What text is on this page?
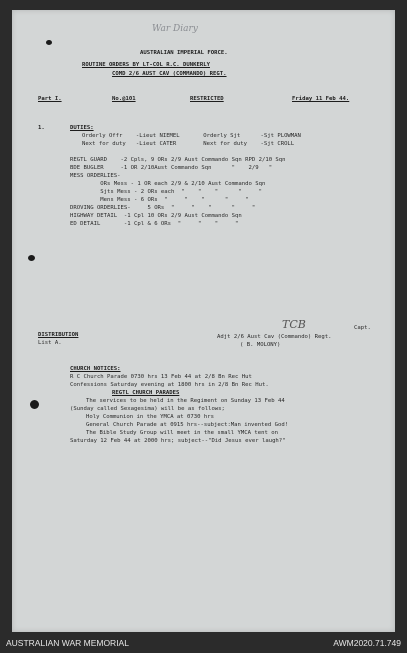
War Diary
AUSTRALIAN IMPERIAL FORCE.
ROUTINE ORDERS BY LT-COL R.C. DUNKERLY
COMD 2/6 AUST CAV (COMMANDO) REGT.
Part I.	No.@101	RESTRICTED	Friday 11 Feb 44.
1.	DUTIES:
Orderly Offr    -Lieut NIEMEL       Orderly Sjt      -Sjt PLOWMAN
Next for duty   -Lieut CATER        Next for duty    -Sjt CROLL
REGTL GUARD    -2 Cpls, 9 ORs 2/9 Aust Commando Sqn RPD 2/10 Sqn
BDE BUGLER     -1 OR 2/10Aust Commando Sqn      "    2/9   "
MESS ORDERLIES-
ORs Mess - 1 OR each 2/9 & 2/10 Aust Commando Sqn
Sjts Mess - 2 ORs each  "    "    "      "     "
Mens Mess - 6 ORs  "     "    "      "     "
DROVING ORDERLIES-     5 ORs  "     "    "      "     "
HIGHWAY DETAIL  -1 Cpl 10 ORs 2/9 Aust Commando Sqn
ED DETAIL       -1 Cpl & 6 ORs  "     "    "     "
TCB	Capt.
DISTRIBUTION
List A.
Adjt 2/6 Aust Cav (Commando) Regt.
( B. MOLONY)
CHURCH NOTICES:
R C Church Parade 0730 hrs 13 Feb 44 at 2/8 Bn Rec Hut
Confessions Saturday evening at 1800 hrs in 2/8 Bn Rec Hut.
REGTL CHURCH PARADES
The services to be held in the Regiment on Sunday 13 Feb 44
(Sunday called Sexagesima) will be as follows;
Holy Communion in the YMCA at 0730 hrs
General Church Parade at 0915 hrs--subject:Man invented God!
The Bible Study Group will meet in the small YMCA tent on
Saturday 12 Feb 44 at 2000 hrs; subject--"Did Jesus ever laugh?"
AUSTRALIAN WAR MEMORIAL	AWM2020.71.749
